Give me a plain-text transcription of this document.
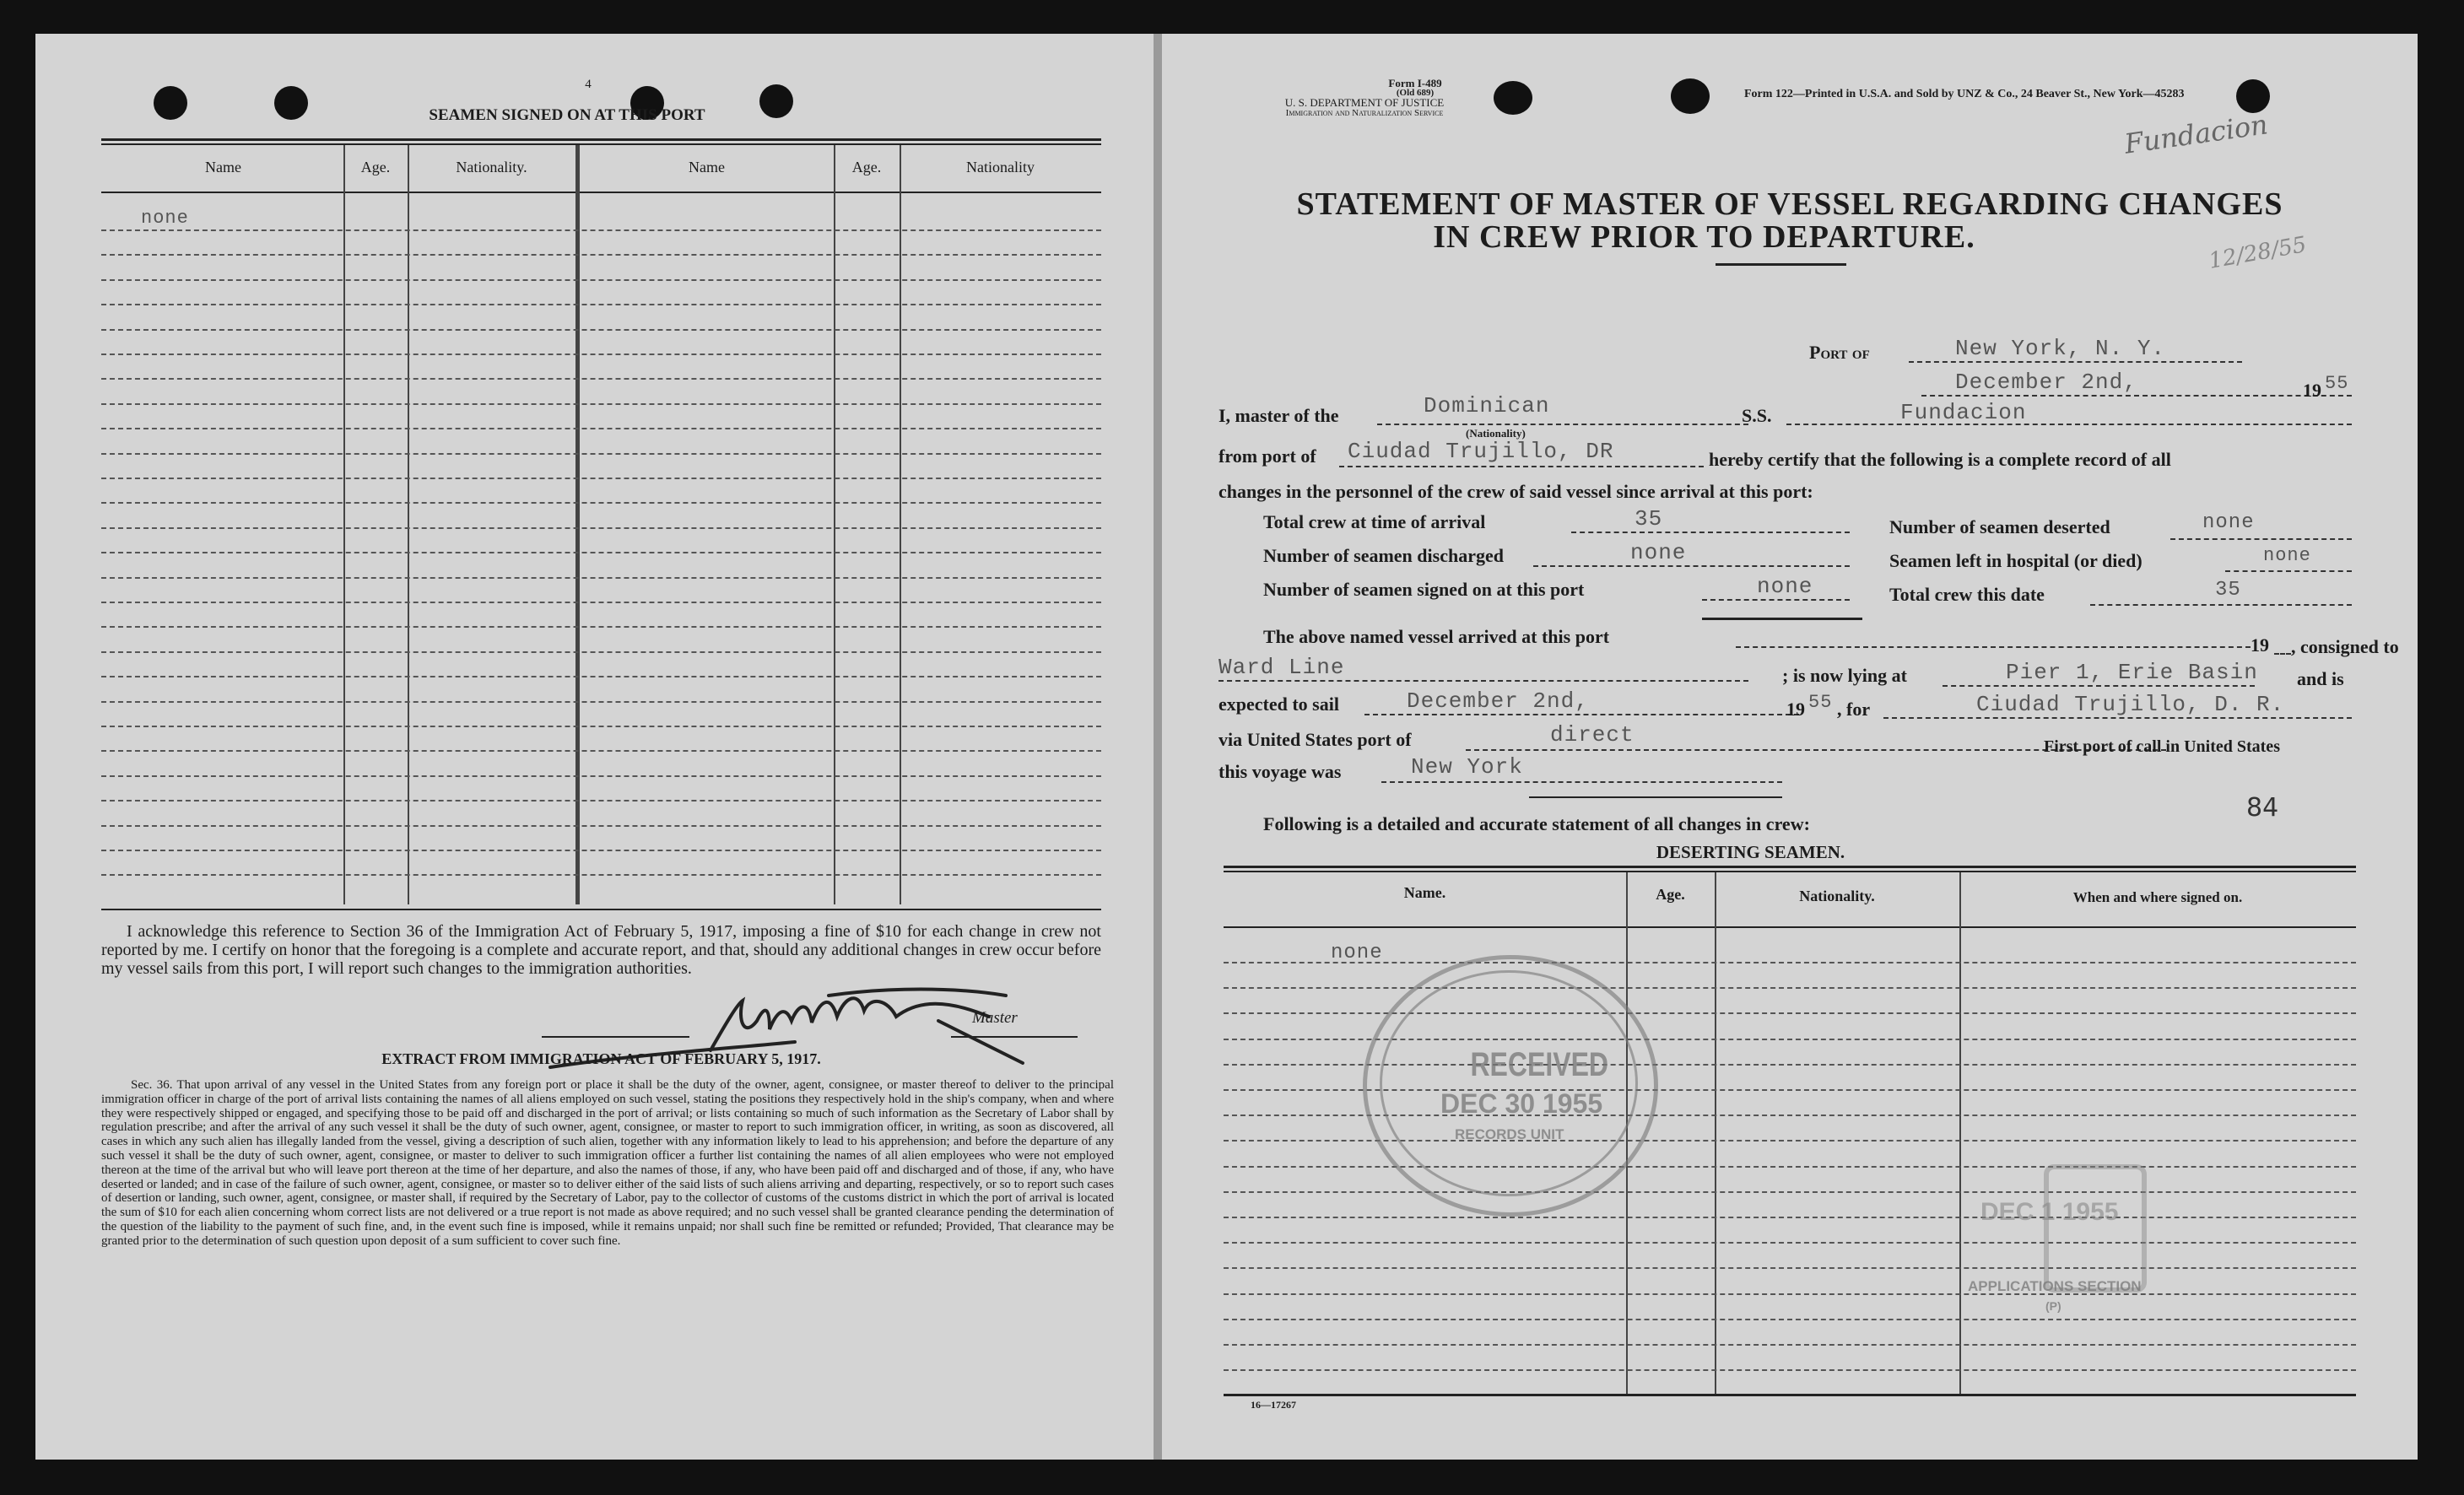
4
SEAMEN SIGNED ON AT THIS PORT
Name	Age.	Nationality.	Name	Age.	Nationality
none
I acknowledge this reference to Section 36 of the Immigration Act of February 5, 1917, imposing a fine of $10 for each change in crew not reported by me. I certify on honor that the foregoing is a complete and accurate report, and that, should any additional changes in crew occur before my vessel sails from this port, I will report such changes to the immigration authorities.
Master
EXTRACT FROM IMMIGRATION ACT OF FEBRUARY 5, 1917.
Sec. 36. That upon arrival of any vessel in the United States from any foreign port or place it shall be the duty of the owner, agent, consignee, or master thereof to deliver to the principal immigration officer in charge of the port of arrival lists containing the names of all aliens employed on such vessel, stating the positions they respectively hold in the ship's company, when and where they were respectively shipped or engaged, and specifying those to be paid off and discharged in the port of arrival; or lists containing so much of such information as the Secretary of Labor shall by regulation prescribe; and after the arrival of any such vessel it shall be the duty of such owner, agent, consignee, or master to report to such immigration officer, in writing, as soon as discovered, all cases in which any such alien has illegally landed from the vessel, giving a description of such alien, together with any information likely to lead to his apprehension; and before the departure of any such vessel it shall be the duty of such owner, agent, consignee, or master to deliver to such immigration officer a further list containing the names of all alien employees who were not employed thereon at the time of the arrival but who will leave port thereon at the time of her departure, and also the names of those, if any, who have been paid off and discharged and of those, if any, who have deserted or landed; and in case of the failure of such owner, agent, consignee, or master so to deliver either of the said lists of such aliens arriving and departing, respectively, or so to report such cases of desertion or landing, such owner, agent, consignee, or master shall, if required by the Secretary of Labor, pay to the collector of customs of the customs district in which the port of arrival is located the sum of $10 for each alien concerning whom correct lists are not delivered or a true report is not made as above required; and no such vessel shall be granted clearance pending the determination of the question of the liability to the payment of such fine, and, in the event such fine is imposed, while it remains unpaid; nor shall such fine be remitted or refunded; Provided, That clearance may be granted prior to the determination of such question upon deposit of a sum sufficient to cover such fine.
Form I-489
(Old 689)
U. S. DEPARTMENT OF JUSTICE
Immigration and Naturalization Service
Form 122—Printed in U.S.A. and Sold by UNZ & Co., 24 Beaver St., New York—45283
Fundacion
12/28/55
STATEMENT OF MASTER OF VESSEL REGARDING CHANGES
IN CREW PRIOR TO DEPARTURE.
Port of	New York, N. Y.
December 2nd,	19 55
I, master of the	Dominican
(Nationality)
S.S.	Fundacion
from port of Ciudad Trujillo, DR	hereby certify that the following is a complete record of all
changes in the personnel of the crew of said vessel since arrival at this port:
Total crew at time of arrival	35	Number of seamen deserted	none
Number of seamen discharged	none	Seamen left in hospital (or died)	none
Number of seamen signed on at this port	none	Total crew this date	35
The above named vessel arrived at this port	19 , consigned to
Ward Line	; is now lying at	Pier 1, Erie Basin and is
expected to sail	December 2nd,	19 55 , for	Ciudad Trujillo, D. R.
via United States port of	direct	First port of call in United States
this voyage was	New York
84
Following is a detailed and accurate statement of all changes in crew:
DESERTING SEAMEN.
Name.	Age.	Nationality.	When and where signed on.
none
16—17267
RECEIVED
DEC 30 1955
RECORDS UNIT
DEC 1 1955
APPLICATIONS SECTION
(P)
